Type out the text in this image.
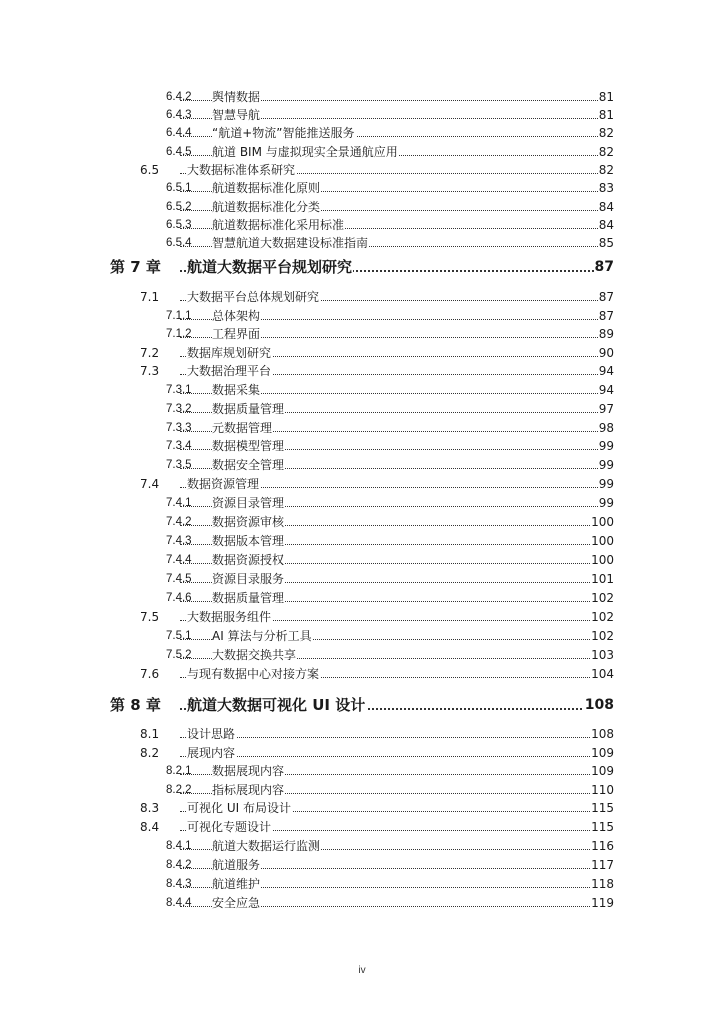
6.4.2 舆情数据	81
6.4.3 智慧导航	81
6.4.4 “航道+物流”智能推送服务	82
6.4.5 航道 BIM 与虚拟现实全景通航应用	82
6.5 大数据标准体系研究	82
6.5.1 航道数据标准化原则	83
6.5.2 航道数据标准化分类	84
6.5.3 航道数据标准化采用标准	84
6.5.4 智慧航道大数据建设标准指南	85
第 7 章 航道大数据平台规划研究	87
7.1 大数据平台总体规划研究	87
7.1.1 总体架构	87
7.1.2 工程界面	89
7.2 数据库规划研究	90
7.3 大数据治理平台	94
7.3.1 数据采集	94
7.3.2 数据质量管理	97
7.3.3 元数据管理	98
7.3.4 数据模型管理	99
7.3.5 数据安全管理	99
7.4 数据资源管理	99
7.4.1 资源目录管理	99
7.4.2 数据资源审核	100
7.4.3 数据版本管理	100
7.4.4 数据资源授权	100
7.4.5 资源目录服务	101
7.4.6 数据质量管理	102
7.5 大数据服务组件	102
7.5.1 AI 算法与分析工具	102
7.5.2 大数据交换共享	103
7.6 与现有数据中心对接方案	104
第 8 章 航道大数据可视化 UI 设计	108
8.1 设计思路	108
8.2 展现内容	109
8.2.1 数据展现内容	109
8.2.2 指标展现内容	110
8.3 可视化 UI 布局设计	115
8.4 可视化专题设计	115
8.4.1 航道大数据运行监测	116
8.4.2 航道服务	117
8.4.3 航道维护	118
8.4.4 安全应急	119
iv
